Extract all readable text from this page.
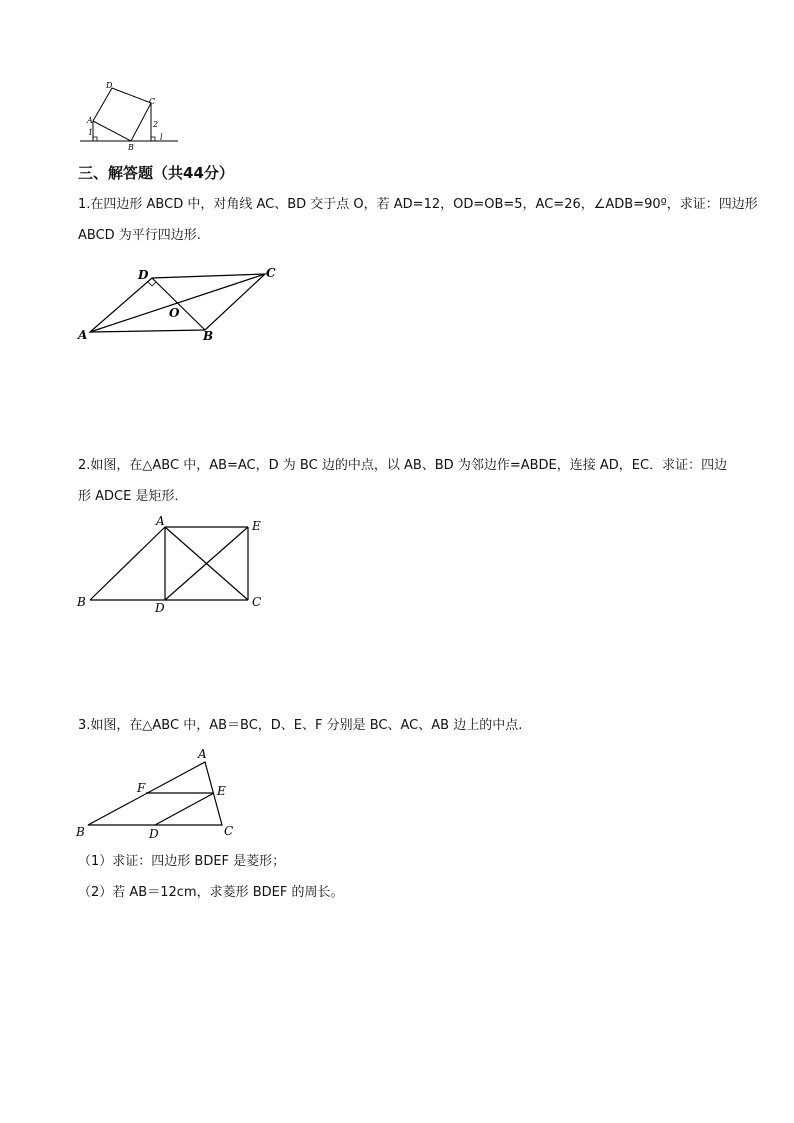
D
C
A
B
1
2
l
三、解答题（共44分）
1.在四边形 ABCD 中，对角线 AC、BD 交于点 O，若 AD=12，OD=OB=5，AC=26，∠ADB=90º，求证：四边形
ABCD 为平行四边形.
D	C
O
A	B
2.如图，在△ABC 中，AB=AC，D 为 BC 边的中点，以 AB、BD 为邻边作=ABDE，连接 AD，EC．求证：四边
形 ADCE 是矩形．
A	E
B	D	C
3.如图，在△ABC 中，AB＝BC，D、E、F 分别是 BC、AC、AB 边上的中点.
A
F	E
B	D	C
（1）求证：四边形 BDEF 是菱形；
（2）若 AB＝12cm，求菱形 BDEF 的周长。
